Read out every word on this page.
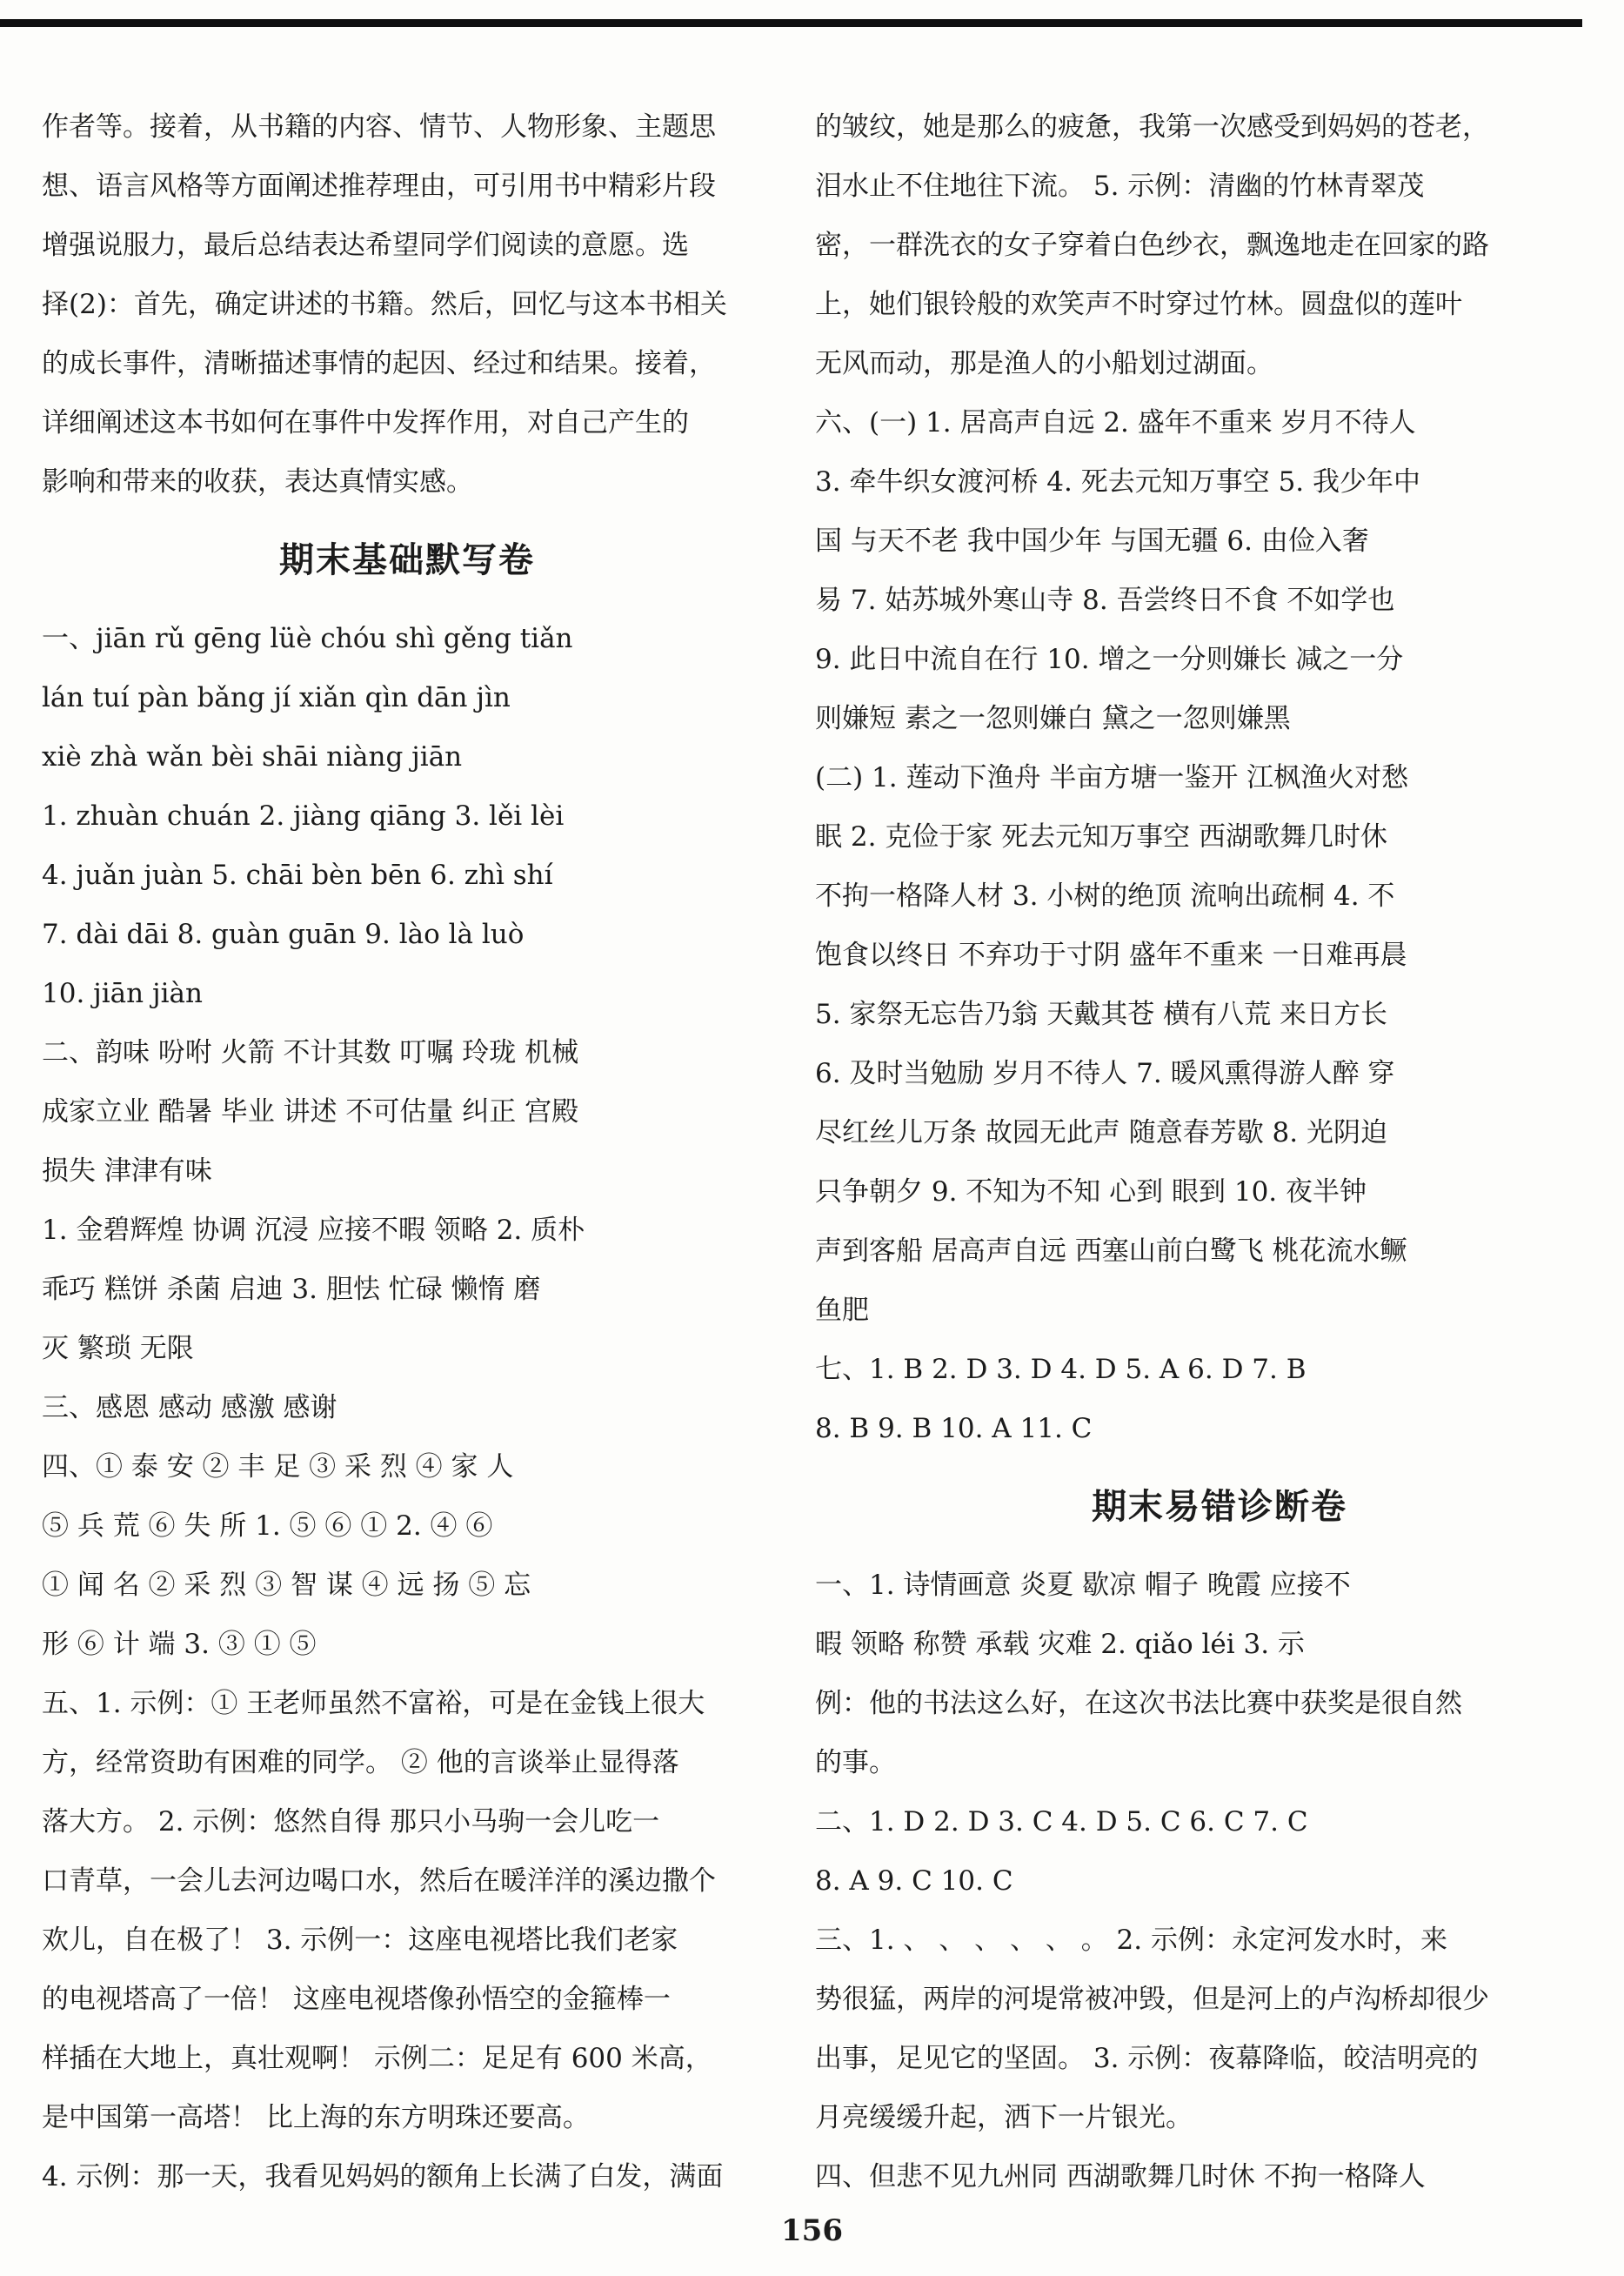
作者等。接着，从书籍的内容、情节、人物形象、主题思
想、语言风格等方面阐述推荐理由，可引用书中精彩片段
增强说服力，最后总结表达希望同学们阅读的意愿。选
择(2)：首先，确定讲述的书籍。然后，回忆与这本书相关
的成长事件，清晰描述事情的起因、经过和结果。接着，
详细阐述这本书如何在事件中发挥作用，对自己产生的
影响和带来的收获，表达真情实感。
期末基础默写卷
一、jiān rǔ gēng lüè chóu shì gěng tiǎn
lán tuí pàn bǎng jí xiǎn qìn dān jìn
xiè zhà wǎn bèi shāi niàng jiān
1. zhuàn chuán 2. jiàng qiāng 3. lěi lèi
4. juǎn juàn 5. chāi bèn bēn 6. zhì shí
7. dài dāi 8. guàn guān 9. lào là luò
10. jiān jiàn
二、韵味 吩咐 火箭 不计其数 叮嘱 玲珑 机械
成家立业 酷暑 毕业 讲述 不可估量 纠正 宫殿
损失 津津有味
1. 金碧辉煌 协调 沉浸 应接不暇 领略 2. 质朴
乖巧 糕饼 杀菌 启迪 3. 胆怯 忙碌 懒惰 磨
灭 繁琐 无限
三、感恩 感动 感激 感谢
四、① 泰 安 ② 丰 足 ③ 采 烈 ④ 家 人
⑤ 兵 荒 ⑥ 失 所 1. ⑤ ⑥ ① 2. ④ ⑥
① 闻 名 ② 采 烈 ③ 智 谋 ④ 远 扬 ⑤ 忘
形 ⑥ 计 端 3. ③ ① ⑤
五、1. 示例：① 王老师虽然不富裕，可是在金钱上很大
方，经常资助有困难的同学。 ② 他的言谈举止显得落
落大方。 2. 示例：悠然自得 那只小马驹一会儿吃一
口青草，一会儿去河边喝口水，然后在暖洋洋的溪边撒个
欢儿，自在极了！ 3. 示例一：这座电视塔比我们老家
的电视塔高了一倍！ 这座电视塔像孙悟空的金箍棒一
样插在大地上，真壮观啊！ 示例二：足足有 600 米高，
是中国第一高塔！ 比上海的东方明珠还要高。
4. 示例：那一天，我看见妈妈的额角上长满了白发，满面
的皱纹，她是那么的疲惫，我第一次感受到妈妈的苍老，
泪水止不住地往下流。 5. 示例：清幽的竹林青翠茂
密，一群洗衣的女子穿着白色纱衣，飘逸地走在回家的路
上，她们银铃般的欢笑声不时穿过竹林。圆盘似的莲叶
无风而动，那是渔人的小船划过湖面。
六、(一) 1. 居高声自远 2. 盛年不重来 岁月不待人
3. 牵牛织女渡河桥 4. 死去元知万事空 5. 我少年中
国 与天不老 我中国少年 与国无疆 6. 由俭入奢
易 7. 姑苏城外寒山寺 8. 吾尝终日不食 不如学也
9. 此日中流自在行 10. 增之一分则嫌长 减之一分
则嫌短 素之一忽则嫌白 黛之一忽则嫌黑
(二) 1. 莲动下渔舟 半亩方塘一鉴开 江枫渔火对愁
眠 2. 克俭于家 死去元知万事空 西湖歌舞几时休
不拘一格降人材 3. 小树的绝顶 流响出疏桐 4. 不
饱食以终日 不弃功于寸阴 盛年不重来 一日难再晨
5. 家祭无忘告乃翁 天戴其苍 横有八荒 来日方长
6. 及时当勉励 岁月不待人 7. 暖风熏得游人醉 穿
尽红丝儿万条 故园无此声 随意春芳歇 8. 光阴迫
只争朝夕 9. 不知为不知 心到 眼到 10. 夜半钟
声到客船 居高声自远 西塞山前白鹭飞 桃花流水鳜
鱼肥
七、1. B 2. D 3. D 4. D 5. A 6. D 7. B
8. B 9. B 10. A 11. C
期末易错诊断卷
一、1. 诗情画意 炎夏 歇凉 帽子 晚霞 应接不
暇 领略 称赞 承载 灾难 2. qiǎo léi 3. 示
例：他的书法这么好，在这次书法比赛中获奖是很自然
的事。
二、1. D 2. D 3. C 4. D 5. C 6. C 7. C
8. A 9. C 10. C
三、1. 、 、 、 、 、 。 2. 示例：永定河发水时，来
势很猛，两岸的河堤常被冲毁，但是河上的卢沟桥却很少
出事，足见它的坚固。 3. 示例：夜幕降临，皎洁明亮的
月亮缓缓升起，洒下一片银光。
四、但悲不见九州同 西湖歌舞几时休 不拘一格降人
156
